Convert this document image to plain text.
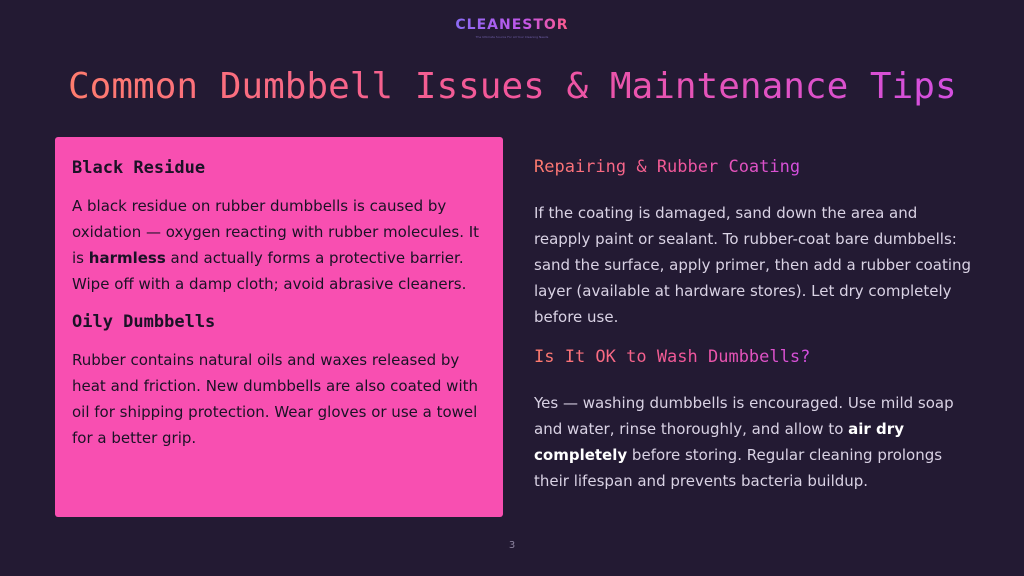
CLEANESTOR
The Ultimate Source For All Your Cleaning Needs
Common Dumbbell Issues & Maintenance Tips
Black Residue

A black residue on rubber dumbbells is caused by oxidation — oxygen reacting with rubber molecules. It is harmless and actually forms a protective barrier. Wipe off with a damp cloth; avoid abrasive cleaners.

Oily Dumbbells

Rubber contains natural oils and waxes released by heat and friction. New dumbbells are also coated with oil for shipping protection. Wear gloves or use a towel for a better grip.

Repairing & Rubber Coating

If the coating is damaged, sand down the area and reapply paint or sealant. To rubber-coat bare dumbbells: sand the surface, apply primer, then add a rubber coating layer (available at hardware stores). Let dry completely before use.

Is It OK to Wash Dumbbells?

Yes — washing dumbbells is encouraged. Use mild soap and water, rinse thoroughly, and allow to air dry completely before storing. Regular cleaning prolongs their lifespan and prevents bacteria buildup.

3
